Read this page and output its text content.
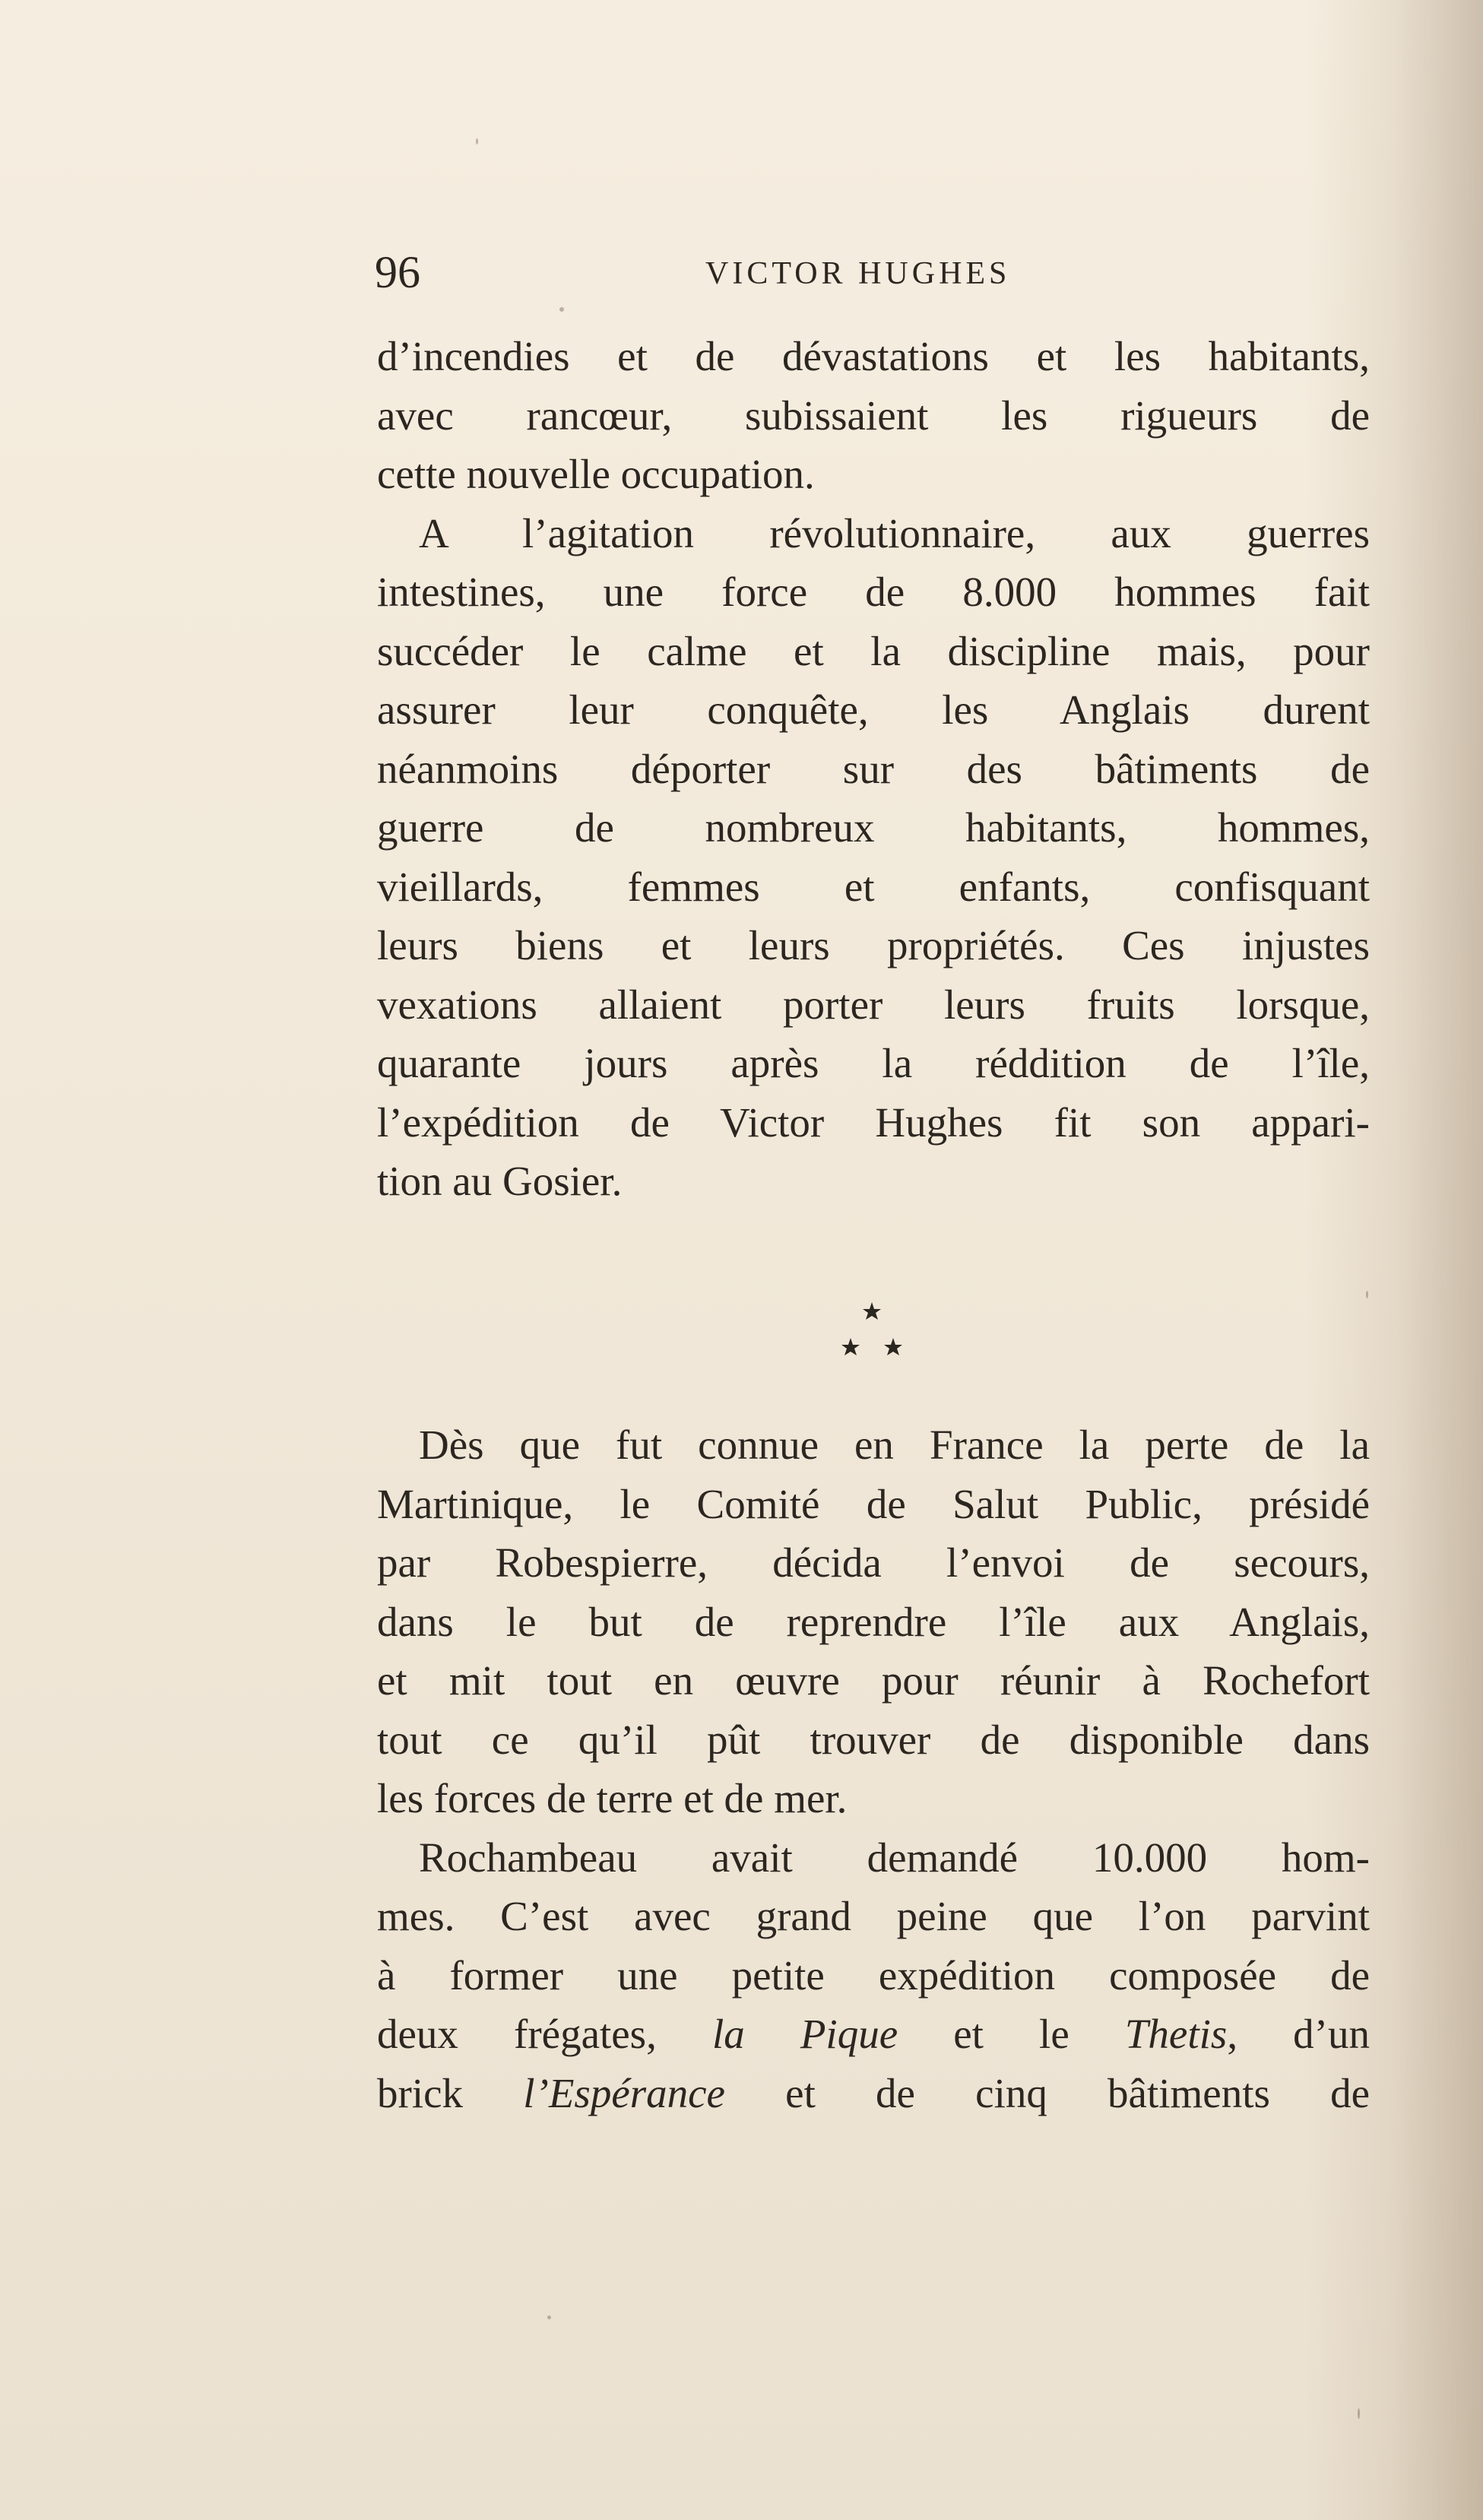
96	VICTOR HUGHES
d’incendies et de dévastations et les habitants,
avec rancœur, subissaient les rigueurs de
cette nouvelle occupation.
A l’agitation révolutionnaire, aux guerres
intestines, une force de 8.000 hommes fait
succéder le calme et la discipline mais, pour
assurer leur conquête, les Anglais durent
néanmoins déporter sur des bâtiments de
guerre de nombreux habitants, hommes,
vieillards, femmes et enfants, confisquant
leurs biens et leurs propriétés. Ces injustes
vexations allaient porter leurs fruits lorsque,
quarante jours après la réddition de l’île,
l’expédition de Victor Hughes fit son appari-
tion au Gosier.
Dès que fut connue en France la perte de la
Martinique, le Comité de Salut Public, présidé
par Robespierre, décida l’envoi de secours,
dans le but de reprendre l’île aux Anglais,
et mit tout en œuvre pour réunir à Rochefort
tout ce qu’il pût trouver de disponible dans
les forces de terre et de mer.
Rochambeau avait demandé 10.000 hom-
mes. C’est avec grand peine que l’on parvint
à former une petite expédition composée de
deux frégates, la Pique et le Thetis, d’un
brick l’Espérance et de cinq bâtiments de
